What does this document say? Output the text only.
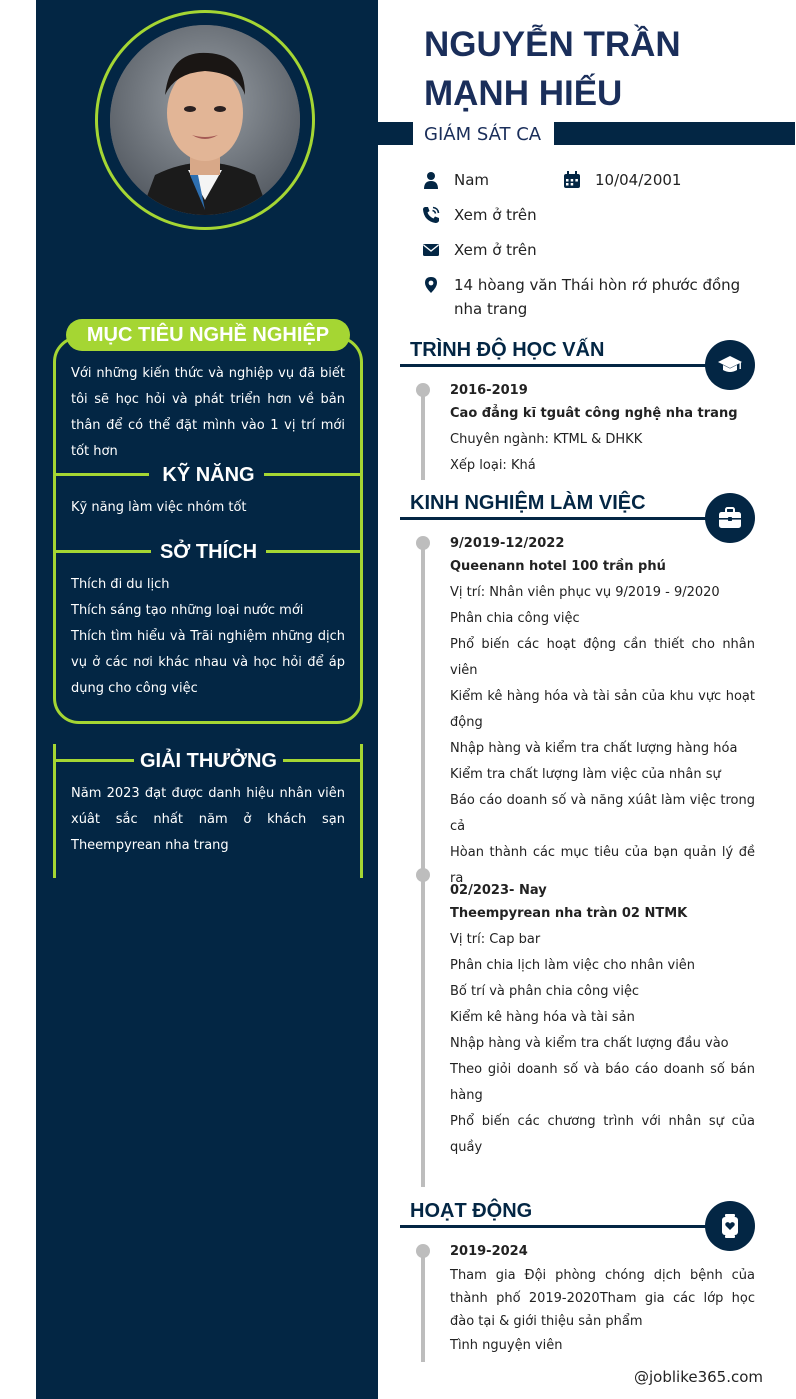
MỤC TIÊU NGHỀ NGHIỆP
Với những kiến thức và nghiệp vụ đã biết tôi sẽ học hỏi và phát triển hơn về bản thân để có thể đặt mình vào 1 vị trí mới tốt hơn
KỸ NĂNG

Kỹ năng làm việc nhóm tốt

SỞ THÍCH

Thích đi du lịch

Thích sáng tạo những loại nước mới

Thích tìm hiểu và Trãi nghiệm những dịch vụ ở các nơi khác nhau và học hỏi để áp dụng cho công việc

GIẢI THƯỞNG
Năm 2023 đạt được danh hiệu nhân viên xúât sắc nhất năm ở khách sạn Theempyrean nha trang
NGUYỄN TRẦN
MẠNH HIẾU
GIÁM SÁT CA
Nam	10/04/2001
Xem ở trên
Xem ở trên
14 hòang văn Thái hòn rớ phước đồng nha trang
TRÌNH ĐỘ HỌC VẤN
2016-2019
Cao đẳng kĩ tguât công nghệ nha trang
Chuyên ngành: KTML & DHKK
Xếp loại: Khá
KINH NGHIỆM LÀM VIỆC
9/2019-12/2022
Queenann hotel 100 trần phú
Vị trí: Nhân viên phục vụ 9/2019 - 9/2020
Phân chia công việc
Phổ biến các hoạt động cần thiết cho nhân viên
Kiểm kê hàng hóa và tài sản của khu vực hoạt động
Nhập hàng và kiểm tra chất lượng hàng hóa
Kiểm tra chất lượng làm việc của nhân sự
Báo cáo doanh số và năng xúât làm việc trong cả
Hòan thành các mục tiêu của bạn quản lý đề ra
02/2023- Nay
Theempyrean nha tràn 02 NTMK
Vị trí: Cap bar
Phân chia lịch làm việc cho nhân viên
Bố trí và phân chia công việc
Kiểm kê hàng hóa và tài sản
Nhập hàng và kiểm tra chất lượng đầu vào
Theo giỏi doanh số và báo cáo doanh số bán hàng
Phổ biến các chương trình với nhân sự của quầy
HOẠT ĐỘNG
2019-2024
Tham gia Đội phòng chóng dịch bệnh của thành phố 2019-2020Tham gia các lớp học đào tại & giới thiệu sản phẩm
Tình nguyện viên
@joblike365.com
